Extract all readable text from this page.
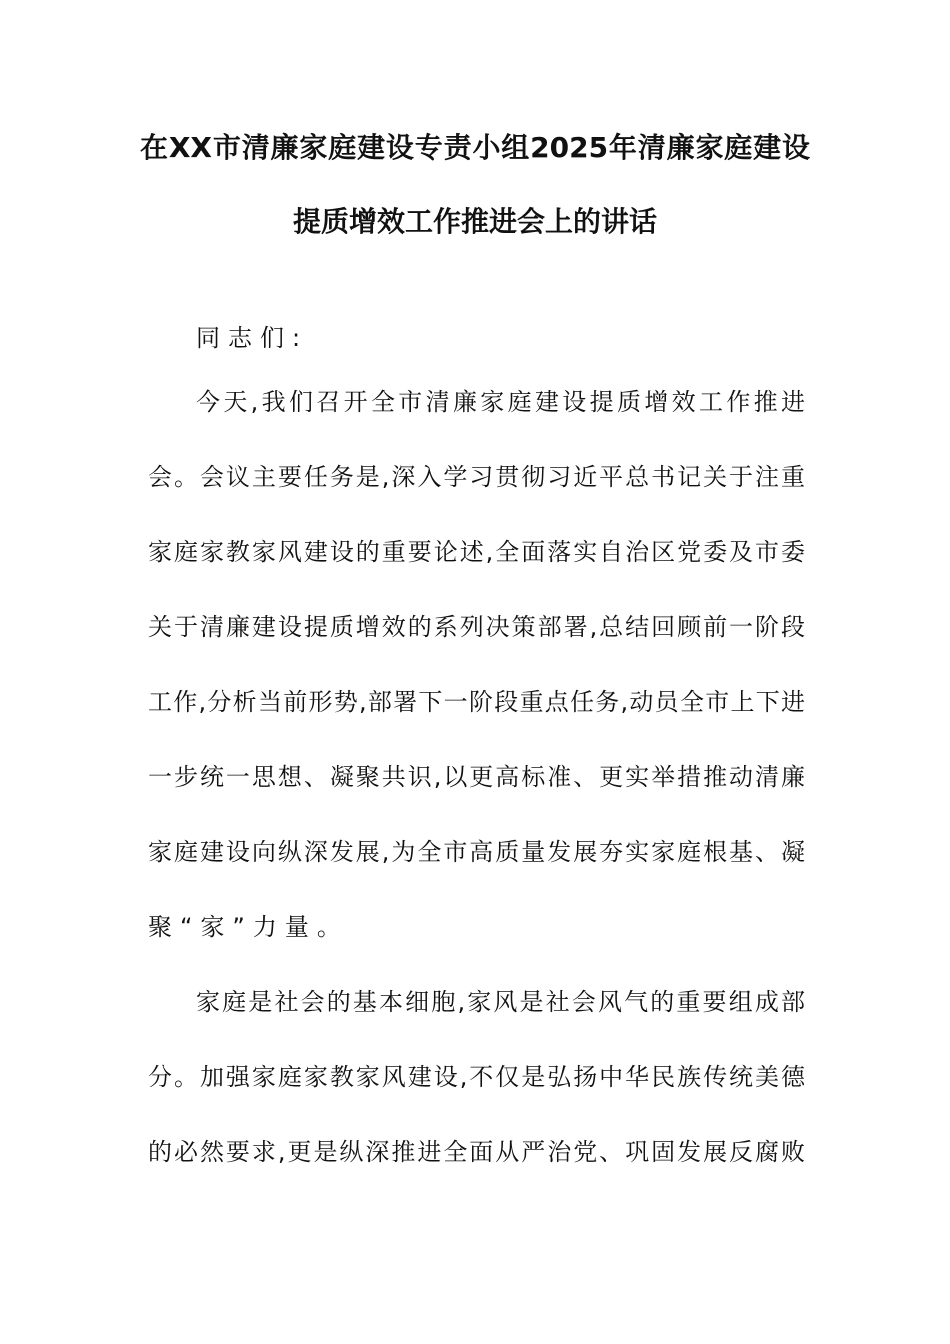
在XX市清廉家庭建设专责小组2025年清廉家庭建设
提质增效工作推进会上的讲话
同志们:
今天,我们召开全市清廉家庭建设提质增效工作推进
会。会议主要任务是,深入学习贯彻习近平总书记关于注重
家庭家教家风建设的重要论述,全面落实自治区党委及市委
关于清廉建设提质增效的系列决策部署,总结回顾前一阶段
工作,分析当前形势,部署下一阶段重点任务,动员全市上下进
一步统一思想、凝聚共识,以更高标准、更实举措推动清廉
家庭建设向纵深发展,为全市高质量发展夯实家庭根基、凝
聚“家”力量。
家庭是社会的基本细胞,家风是社会风气的重要组成部
分。加强家庭家教家风建设,不仅是弘扬中华民族传统美德
的必然要求,更是纵深推进全面从严治党、巩固发展反腐败
